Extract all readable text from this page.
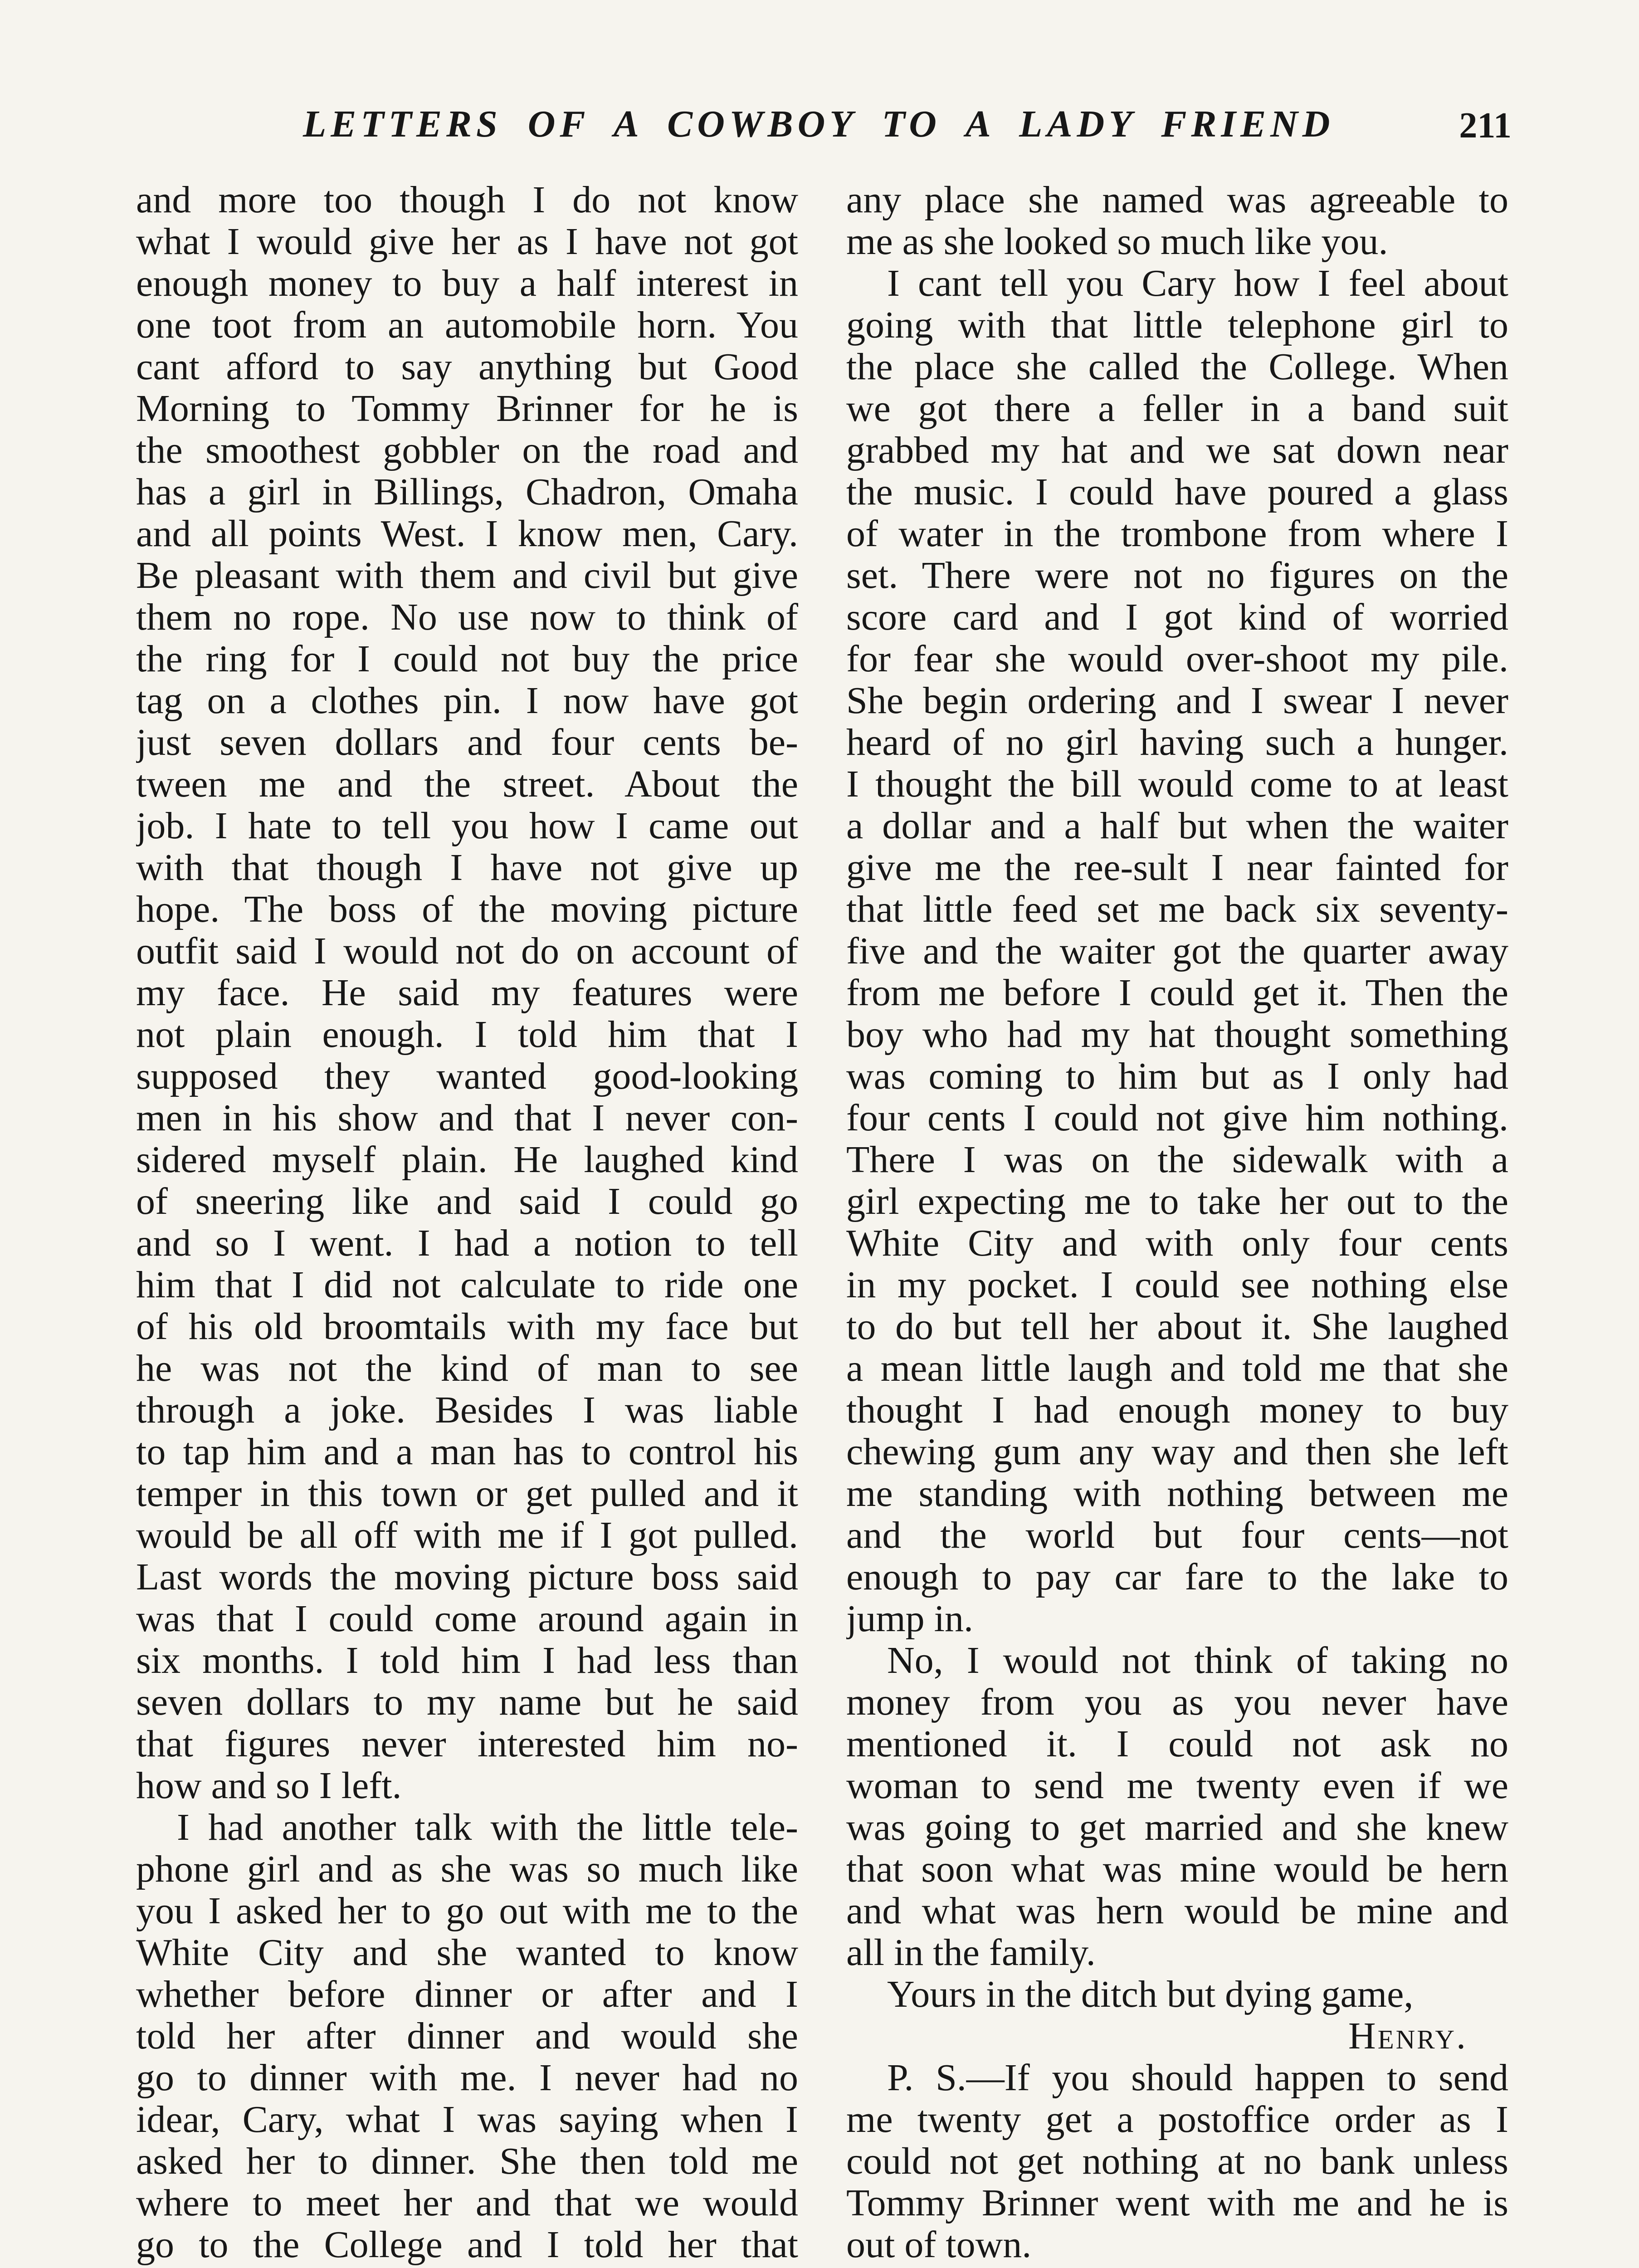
LETTERS OF A COWBOY TO A LADY FRIEND	211
and more too though I do not know
what I would give her as I have not got
enough money to buy a half interest in
one toot from an automobile horn. You
cant afford to say anything but Good
Morning to Tommy Brinner for he is
the smoothest gobbler on the road and
has a girl in Billings, Chadron, Omaha
and all points West. I know men, Cary.
Be pleasant with them and civil but give
them no rope. No use now to think of
the ring for I could not buy the price
tag on a clothes pin. I now have got
just seven dollars and four cents be-
tween me and the street. About the
job. I hate to tell you how I came out
with that though I have not give up
hope. The boss of the moving picture
outfit said I would not do on account of
my face. He said my features were
not plain enough. I told him that I
supposed they wanted good-looking
men in his show and that I never con-
sidered myself plain. He laughed kind
of sneering like and said I could go
and so I went. I had a notion to tell
him that I did not calculate to ride one
of his old broomtails with my face but
he was not the kind of man to see
through a joke. Besides I was liable
to tap him and a man has to control his
temper in this town or get pulled and it
would be all off with me if I got pulled.
Last words the moving picture boss said
was that I could come around again in
six months. I told him I had less than
seven dollars to my name but he said
that figures never interested him no-
how and so I left.
I had another talk with the little tele-
phone girl and as she was so much like
you I asked her to go out with me to the
White City and she wanted to know
whether before dinner or after and I
told her after dinner and would she
go to dinner with me. I never had no
idear, Cary, what I was saying when I
asked her to dinner. She then told me
where to meet her and that we would
go to the College and I told her that
any place she named was agreeable to
me as she looked so much like you.
I cant tell you Cary how I feel about
going with that little telephone girl to
the place she called the College. When
we got there a feller in a band suit
grabbed my hat and we sat down near
the music. I could have poured a glass
of water in the trombone from where I
set. There were not no figures on the
score card and I got kind of worried
for fear she would over-shoot my pile.
She begin ordering and I swear I never
heard of no girl having such a hunger.
I thought the bill would come to at least
a dollar and a half but when the waiter
give me the ree-sult I near fainted for
that little feed set me back six seventy-
five and the waiter got the quarter away
from me before I could get it. Then the
boy who had my hat thought something
was coming to him but as I only had
four cents I could not give him nothing.
There I was on the sidewalk with a
girl expecting me to take her out to the
White City and with only four cents
in my pocket. I could see nothing else
to do but tell her about it. She laughed
a mean little laugh and told me that she
thought I had enough money to buy
chewing gum any way and then she left
me standing with nothing between me
and the world but four cents—not
enough to pay car fare to the lake to
jump in.
No, I would not think of taking no
money from you as you never have
mentioned it. I could not ask no
woman to send me twenty even if we
was going to get married and she knew
that soon what was mine would be hern
and what was hern would be mine and
all in the family.
Yours in the ditch but dying game,
Henry.
P. S.—If you should happen to send
me twenty get a postoffice order as I
could not get nothing at no bank unless
Tommy Brinner went with me and he is
out of town.
